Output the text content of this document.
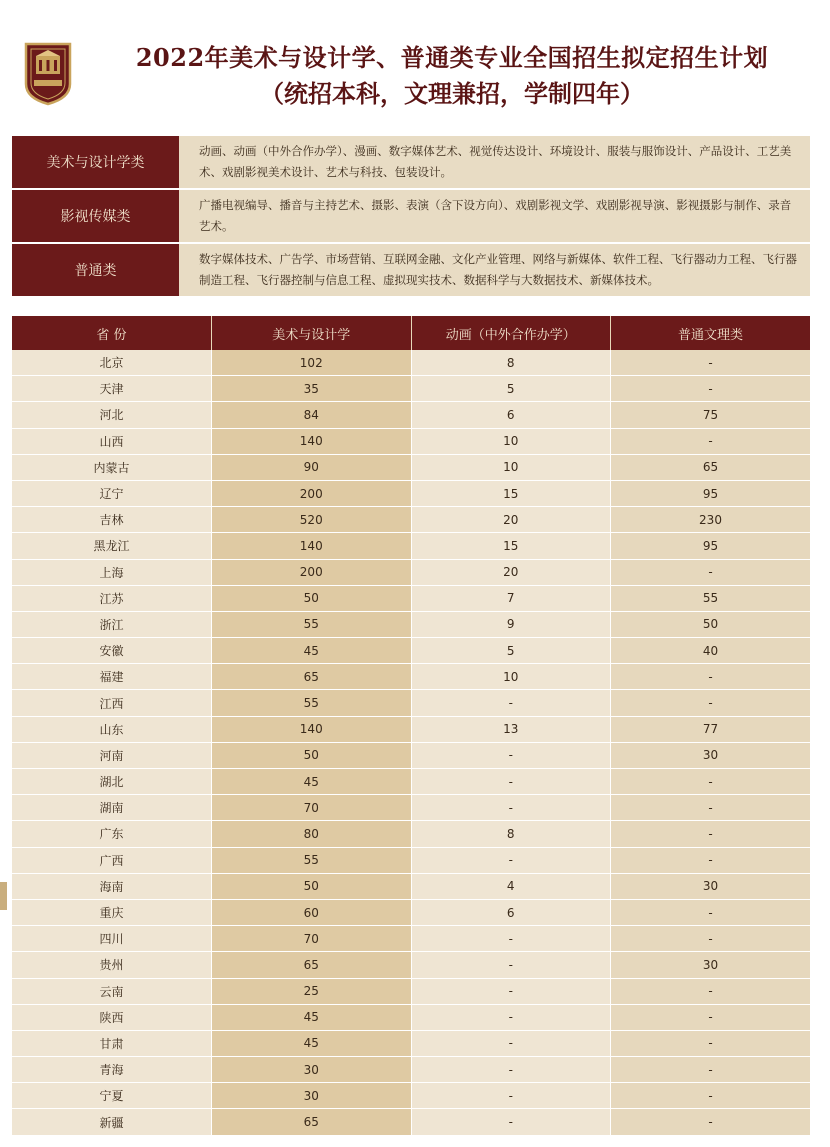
2022年美术与设计学、普通类专业全国招生拟定招生计划
（统招本科，文理兼招，学制四年）
美术与设计学类
动画、动画（中外合作办学）、漫画、数字媒体艺术、视觉传达设计、环境设计、服装与服饰设计、产品设计、工艺美术、戏剧影视美术设计、艺术与科技、包装设计。
影视传媒类
广播电视编导、播音与主持艺术、摄影、表演（含下设方向）、戏剧影视文学、戏剧影视导演、影视摄影与制作、录音艺术。
普通类
数字媒体技术、广告学、市场营销、互联网金融、文化产业管理、网络与新媒体、软件工程、飞行器动力工程、飞行器制造工程、飞行器控制与信息工程、虚拟现实技术、数据科学与大数据技术、新媒体技术。
省 份	美术与设计学	动画（中外合作办学）	普通文理类
北京	102	8	-
天津	35	5	-
河北	84	6	75
山西	140	10	-
内蒙古	90	10	65
辽宁	200	15	95
吉林	520	20	230
黑龙江	140	15	95
上海	200	20	-
江苏	50	7	55
浙江	55	9	50
安徽	45	5	40
福建	65	10	-
江西	55	-	-
山东	140	13	77
河南	50	-	30
湖北	45	-	-
湖南	70	-	-
广东	80	8	-
广西	55	-	-
海南	50	4	30
重庆	60	6	-
四川	70	-	-
贵州	65	-	30
云南	25	-	-
陕西	45	-	-
甘肃	45	-	-
青海	30	-	-
宁夏	30	-	-
新疆	65	-	-
